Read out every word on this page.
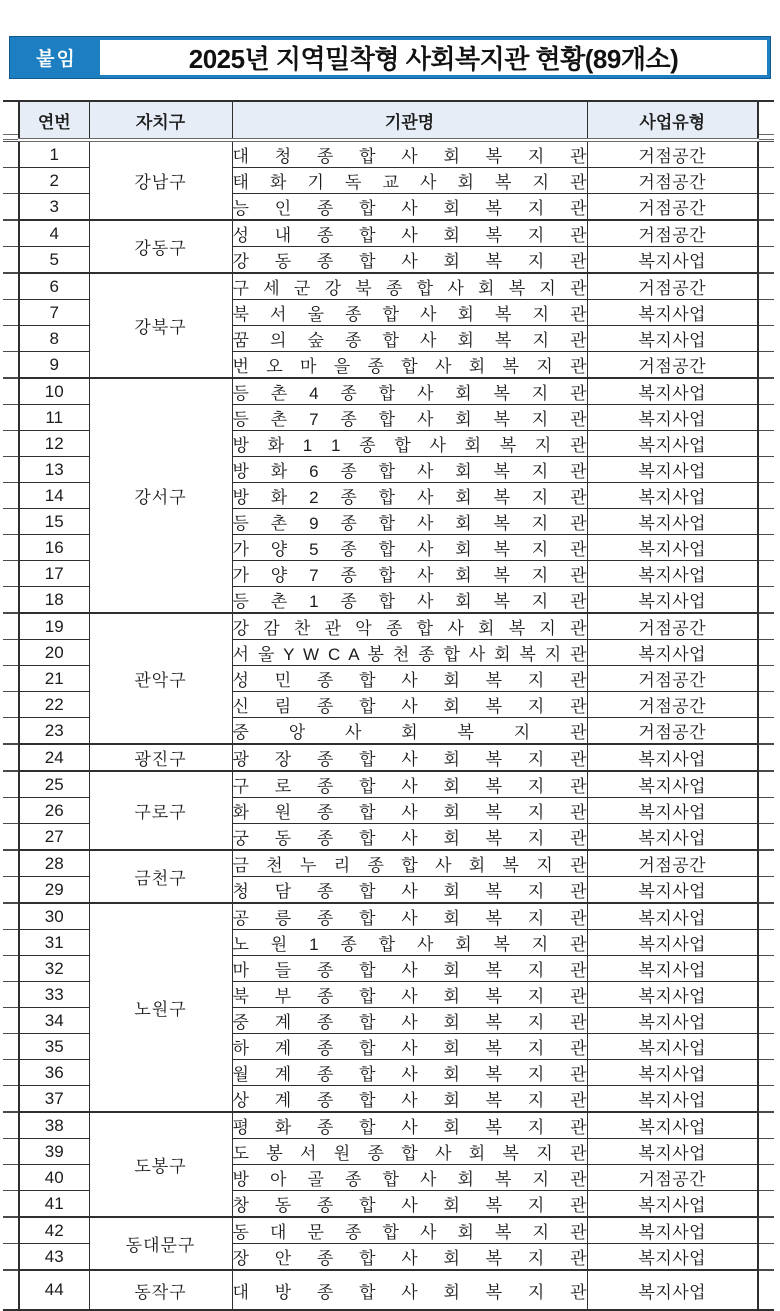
붙임	2025년 지역밀착형 사회복지관 현황(89개소)
연번	자치구	기관명	사업유형
1	강남구	대 청 종 합 사 회 복 지 관	거점공간
2		태 화 기 독 교 사 회 복 지 관	거점공간
3		능 인 종 합 사 회 복 지 관	거점공간
4	강동구	성 내 종 합 사 회 복 지 관	거점공간
5		강 동 종 합 사 회 복 지 관	복지사업
6	강북구	구 세 군 강 북 종 합 사 회 복 지 관	거점공간
7		북 서 울 종 합 사 회 복 지 관	복지사업
8		꿈 의 숲 종 합 사 회 복 지 관	복지사업
9		번 오 마 을 종 합 사 회 복 지 관	거점공간
10	강서구	등 촌 4 종 합 사 회 복 지 관	복지사업
11		등 촌 7 종 합 사 회 복 지 관	복지사업
12		방 화 1 1 종 합 사 회 복 지 관	복지사업
13		방 화 6 종 합 사 회 복 지 관	복지사업
14		방 화 2 종 합 사 회 복 지 관	복지사업
15		등 촌 9 종 합 사 회 복 지 관	복지사업
16		가 양 5 종 합 사 회 복 지 관	복지사업
17		가 양 7 종 합 사 회 복 지 관	복지사업
18		등 촌 1 종 합 사 회 복 지 관	복지사업
19	관악구	강 감 찬 관 악 종 합 사 회 복 지 관	거점공간
20		서 울 Y W C A 봉 천 종 합 사 회 복 지 관	복지사업
21		성 민 종 합 사 회 복 지 관	거점공간
22		신 림 종 합 사 회 복 지 관	거점공간
23		중 앙 사 회 복 지 관	거점공간
24	광진구	광 장 종 합 사 회 복 지 관	복지사업
25	구로구	구 로 종 합 사 회 복 지 관	복지사업
26		화 원 종 합 사 회 복 지 관	복지사업
27		궁 동 종 합 사 회 복 지 관	복지사업
28	금천구	금 천 누 리 종 합 사 회 복 지 관	거점공간
29		청 담 종 합 사 회 복 지 관	복지사업
30	노원구	공 릉 종 합 사 회 복 지 관	복지사업
31		노 원 1 종 합 사 회 복 지 관	복지사업
32		마 들 종 합 사 회 복 지 관	복지사업
33		북 부 종 합 사 회 복 지 관	복지사업
34		중 계 종 합 사 회 복 지 관	복지사업
35		하 계 종 합 사 회 복 지 관	복지사업
36		월 계 종 합 사 회 복 지 관	복지사업
37		상 계 종 합 사 회 복 지 관	복지사업
38	도봉구	평 화 종 합 사 회 복 지 관	복지사업
39		도 봉 서 원 종 합 사 회 복 지 관	복지사업
40		방 아 골 종 합 사 회 복 지 관	거점공간
41		창 동 종 합 사 회 복 지 관	복지사업
42	동대문구	동 대 문 종 합 사 회 복 지 관	복지사업
43		장 안 종 합 사 회 복 지 관	복지사업
44	동작구	대 방 종 합 사 회 복 지 관	복지사업
